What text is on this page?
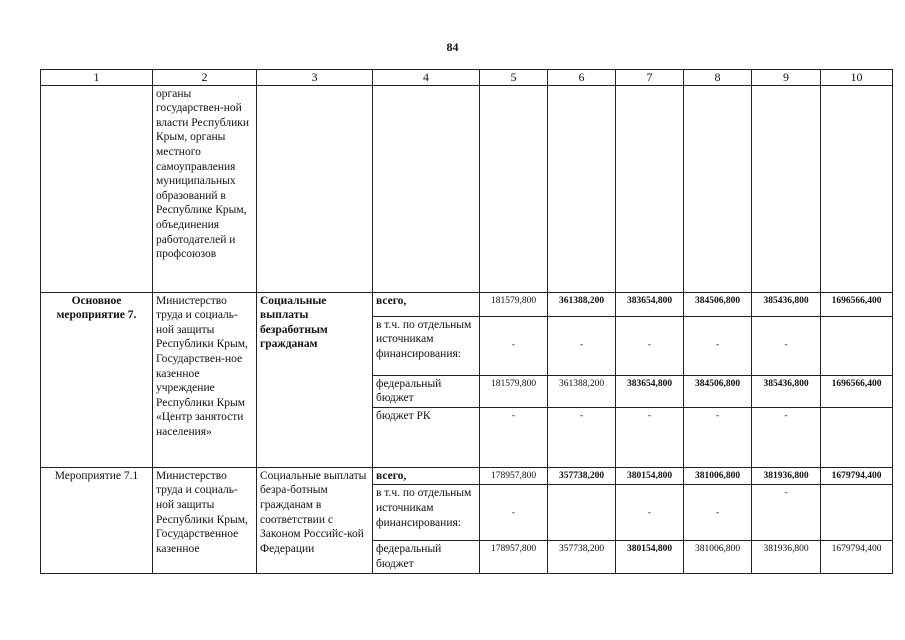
84
1	2	3	4	5	6	7	8	9	10
	органы государствен-ной власти Республики Крым, органы местного самоуправления муниципальных образований в Республике Крым, объединения работодателей и профсоюзов								
Основное мероприятие 7.	Министерство труда и социаль-ной защиты Республики Крым, Государствен-ное казенное учреждение Республики Крым «Центр занятости населения»	Социальные выплаты безработным гражданам	всего,	181579,800	361388,200	383654,800	384506,800	385436,800	1696566,400
			в т.ч. по отдельным источникам финансирования:	-	-	-	-	-	
			федеральный бюджет	181579,800	361388,200	383654,800	384506,800	385436,800	1696566,400
			бюджет РК	-	-	-	-	-	
Мероприятие 7.1	Министерство труда и социаль-ной защиты Республики Крым, Государственное казенное	Социальные выплаты безра-ботным гражданам в соответствии с Законом Российс-кой Федерации	всего,	178957,800	357738,200	380154,800	381006,800	381936,800	1679794,400
			в т.ч. по отдельным источникам финансирования:	-		-	-	-	
			федеральный бюджет	178957,800	357738,200	380154,800	381006,800	381936,800	1679794,400
